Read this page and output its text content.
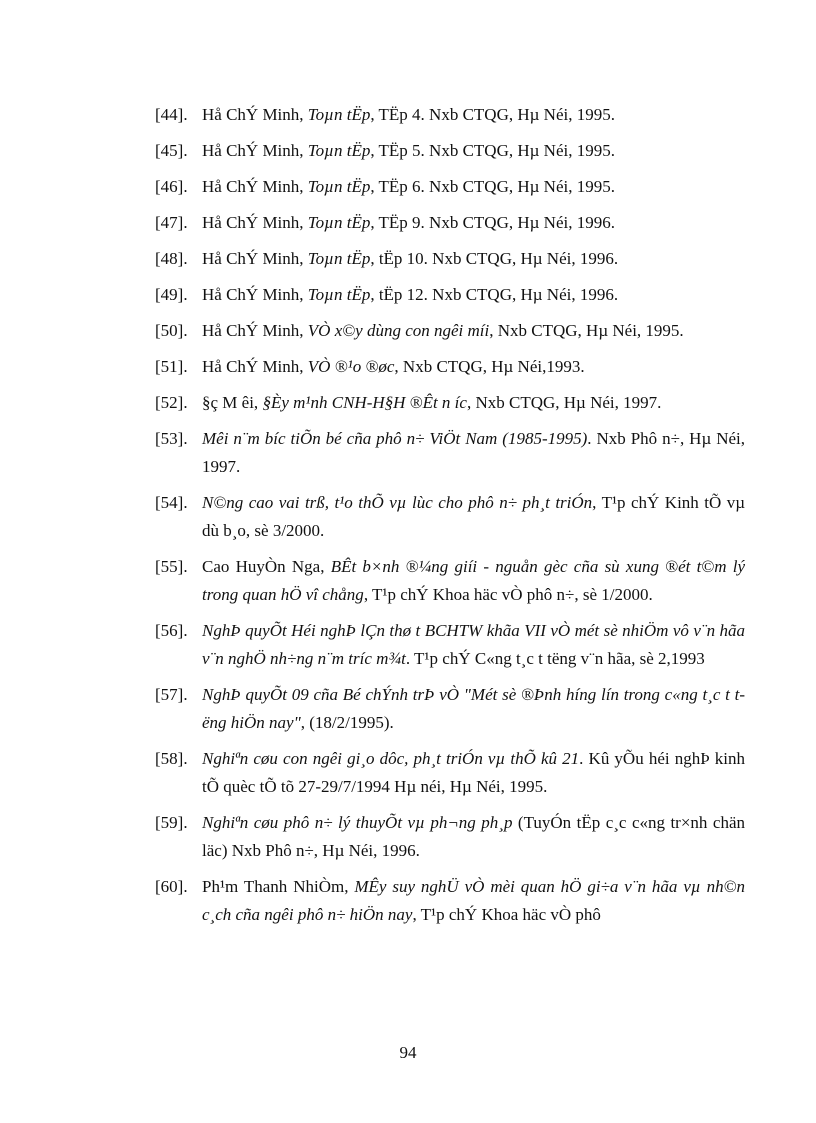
[44]. Hå ChÝ Minh, Toµn tËp, TËp 4. Nxb CTQG, Hµ Néi, 1995.
[45]. Hå ChÝ Minh, Toµn tËp, TËp 5. Nxb CTQG, Hµ Néi, 1995.
[46]. Hå ChÝ Minh, Toµn tËp, TËp 6. Nxb CTQG, Hµ Néi, 1995.
[47]. Hå ChÝ Minh, Toµn tËp, TËp 9. Nxb CTQG, Hµ Néi, 1996.
[48]. Hå ChÝ Minh, Toµn tËp, tËp 10. Nxb CTQG, Hµ Néi, 1996.
[49]. Hå ChÝ Minh, Toµn tËp, tËp 12. Nxb CTQG, Hµ Néi, 1996.
[50]. Hå ChÝ Minh, VÒ x©y dùng con ngêi míi, Nxb CTQG, Hµ Néi, 1995.
[51]. Hå ChÝ Minh, VÒ ®¹o ®øc, Nxb CTQG, Hµ Néi,1993.
[52]. §ç M êi, §Èy m¹nh CNH-H§H ®Êt n íc, Nxb CTQG, Hµ Néi, 1997.
[53]. Mêi n¨m bíc tiÕn bé cña phô n÷ ViÖt Nam (1985-1995). Nxb Phô n÷, Hµ Néi, 1997.
[54]. N©ng cao vai trß, t¹o thÕ vµ lùc cho phô n÷ ph¸t triÓn, T¹p chÝ Kinh tÕ vµ dù b¸o, sè 3/2000.
[55]. Cao HuyÒn Nga, BÊt b×nh ®¼ng giíi - nguån gèc cña sù xung ®ét t©m lý trong quan hÖ vî chång, T¹p chÝ Khoa häc vÒ phô n÷, sè 1/2000.
[56]. NghÞ quyÕt Héi nghÞ lÇn thø t BCHTW khãa VII vÒ mét sè nhiÖm vô v¨n hãa v¨n nghÖ nh÷ng n¨m tríc m¾t. T¹p chÝ C«ng t¸c t tëng v¨n hãa, sè 2,1993
[57]. NghÞ quyÕt 09 cña Bé chÝnh trÞ vÒ "Mét sè ®Þnh híng lín trong c«ng t¸c t tëng hiÖn nay", (18/2/1995).
[58]. Nghiªn cøu con ngêi gi¸o dôc, ph¸t triÓn vµ thÕ kû 21. Kû yÕu héi nghÞ kinh tÕ quèc tÕ tõ 27-29/7/1994 Hµ néi, Hµ Néi, 1995.
[59]. Nghiªn cøu phô n÷ lý thuyÕt vµ ph¬ng ph¸p (TuyÓn tËp c¸c c«ng tr×nh chän läc) Nxb Phô n÷, Hµ Néi, 1996.
[60]. Ph¹m Thanh NhiÒm, MÊy suy nghÜ vÒ mèi quan hÖ gi÷a v¨n hãa vµ nh©n c¸ch cña ngêi phô n÷ hiÖn nay, T¹p chÝ Khoa häc vÒ phô
94
